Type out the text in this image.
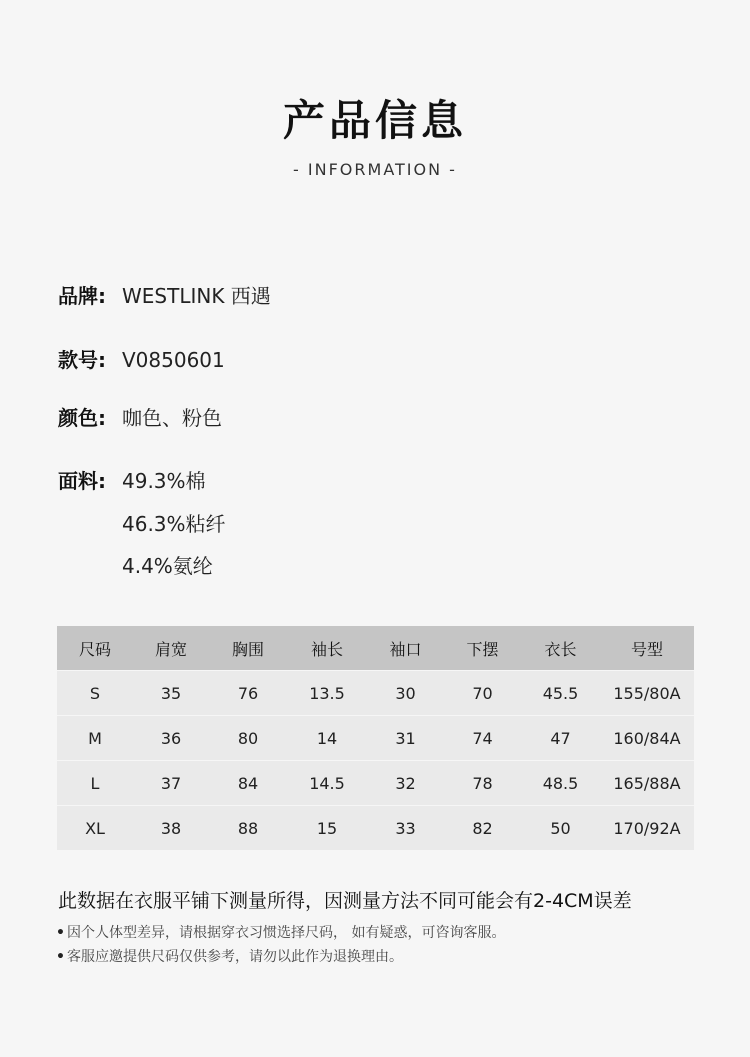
产品信息
- INFORMATION -
品牌: WESTLINK 西遇
款号: V0850601
颜色: 咖色、粉色
面料: 49.3%棉
46.3%粘纤
4.4%氨纶
尺码	肩宽	胸围	袖长	袖口	下摆	衣长	号型
S	35	76	13.5	30	70	45.5	155/80A
M	36	80	14	31	74	47	160/84A
L	37	84	14.5	32	78	48.5	165/88A
XL	38	88	15	33	82	50	170/92A
此数据在衣服平铺下测量所得，因测量方法不同可能会有2-4CM误差
• 因个人体型差异，请根据穿衣习惯选择尺码， 如有疑惑，可咨询客服。
• 客服应邀提供尺码仅供参考，请勿以此作为退换理由。
